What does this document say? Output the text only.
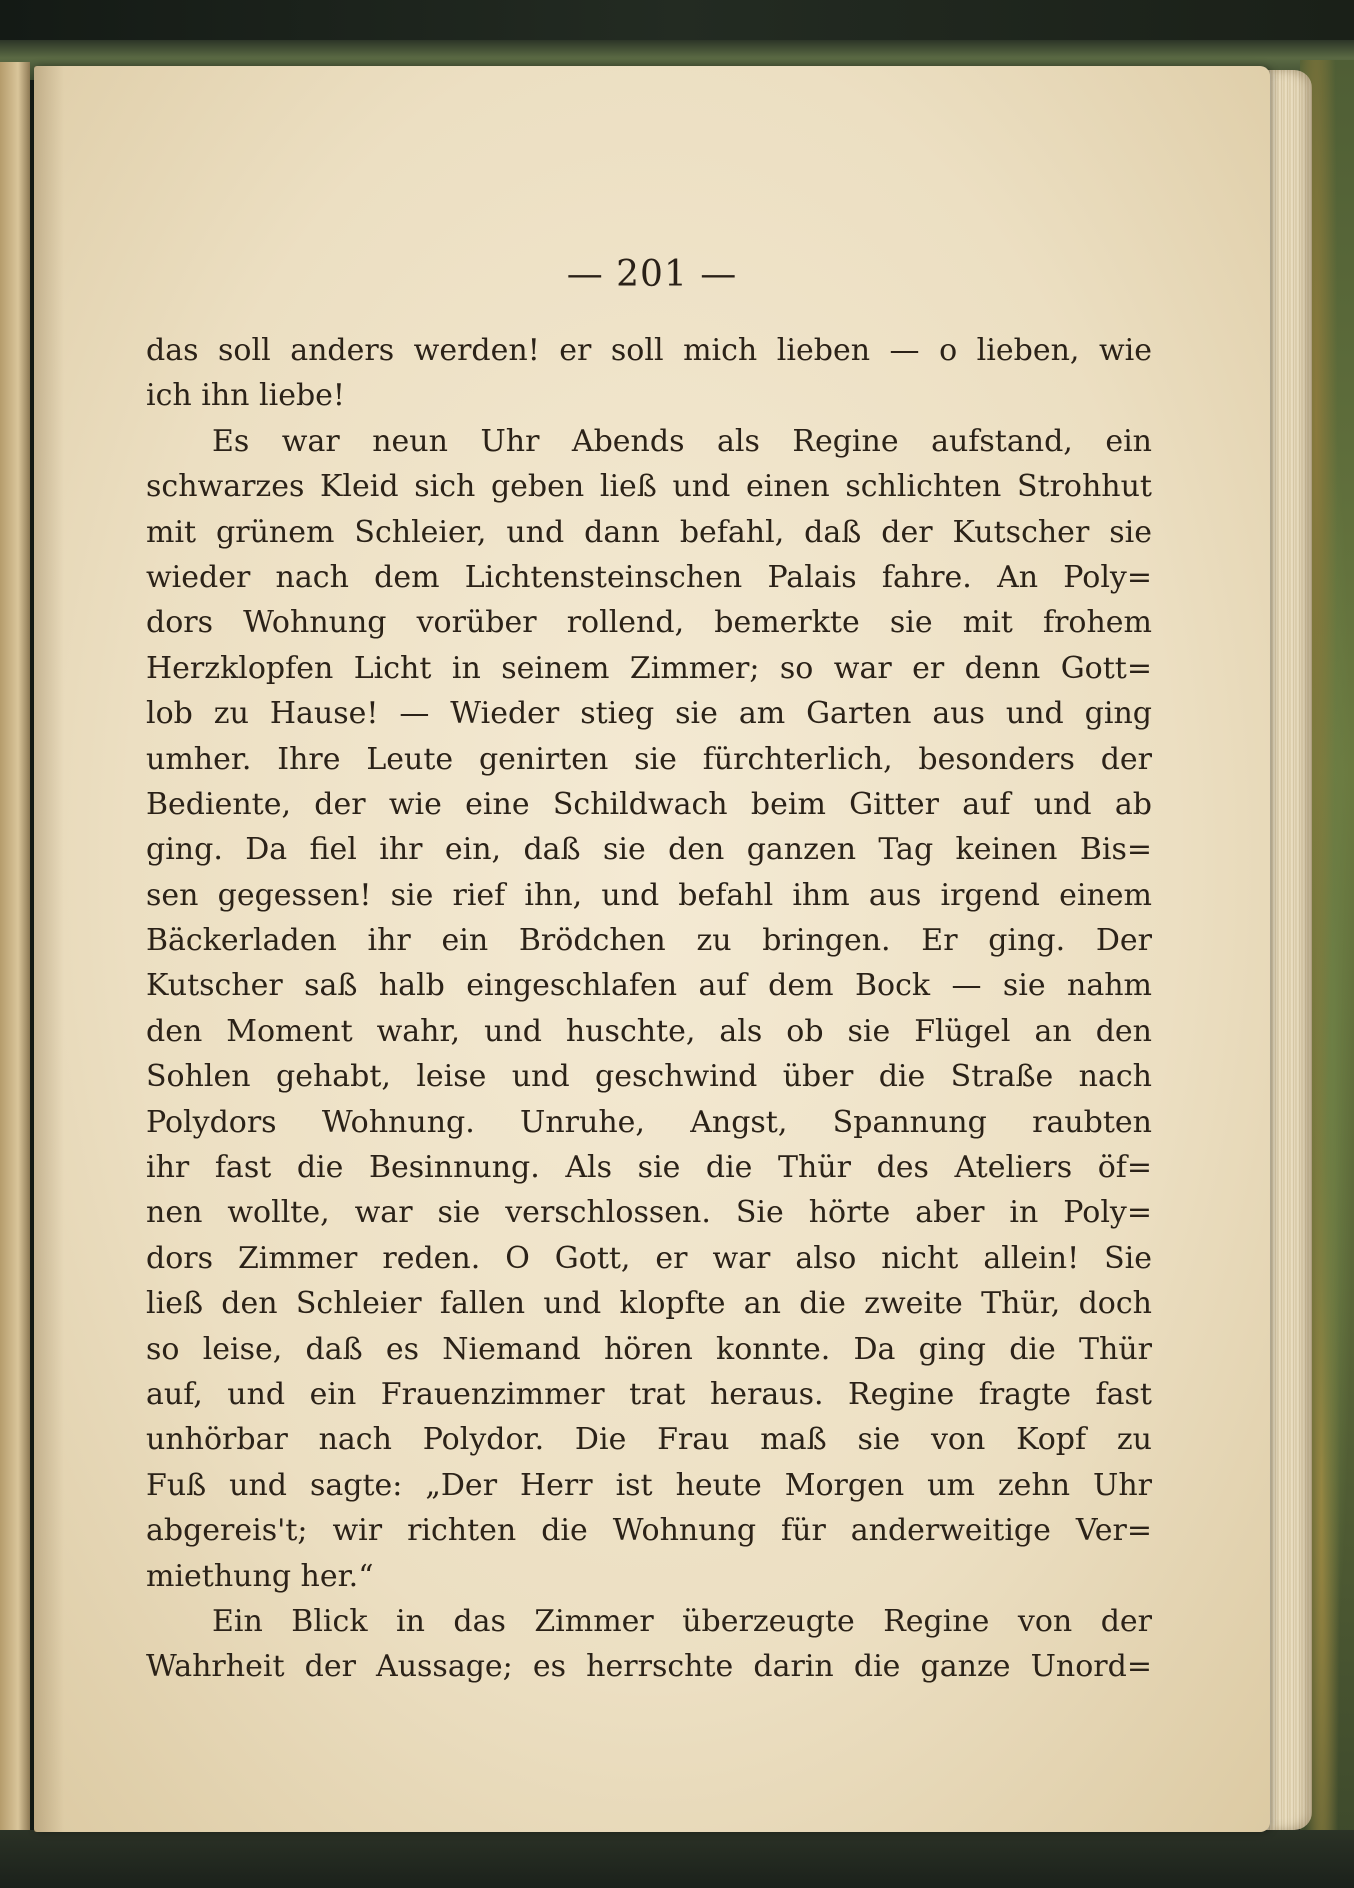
— 201 —
das soll anders werden! er soll mich lieben — o lieben, wie
ich ihn liebe!
Es war neun Uhr Abends als Regine aufstand, ein
schwarzes Kleid sich geben ließ und einen schlichten Strohhut
mit grünem Schleier, und dann befahl, daß der Kutscher sie
wieder nach dem Lichtensteinschen Palais fahre. An Poly=
dors Wohnung vorüber rollend, bemerkte sie mit frohem
Herzklopfen Licht in seinem Zimmer; so war er denn Gott=
lob zu Hause! — Wieder stieg sie am Garten aus und ging
umher. Ihre Leute genirten sie fürchterlich, besonders der
Bediente, der wie eine Schildwach beim Gitter auf und ab
ging. Da fiel ihr ein, daß sie den ganzen Tag keinen Bis=
sen gegessen! sie rief ihn, und befahl ihm aus irgend einem
Bäckerladen ihr ein Brödchen zu bringen. Er ging. Der
Kutscher saß halb eingeschlafen auf dem Bock — sie nahm
den Moment wahr, und huschte, als ob sie Flügel an den
Sohlen gehabt, leise und geschwind über die Straße nach
Polydors Wohnung. Unruhe, Angst, Spannung raubten
ihr fast die Besinnung. Als sie die Thür des Ateliers öf=
nen wollte, war sie verschlossen. Sie hörte aber in Poly=
dors Zimmer reden. O Gott, er war also nicht allein! Sie
ließ den Schleier fallen und klopfte an die zweite Thür, doch
so leise, daß es Niemand hören konnte. Da ging die Thür
auf, und ein Frauenzimmer trat heraus. Regine fragte fast
unhörbar nach Polydor. Die Frau maß sie von Kopf zu
Fuß und sagte: „Der Herr ist heute Morgen um zehn Uhr
abgereis't; wir richten die Wohnung für anderweitige Ver=
miethung her.“
Ein Blick in das Zimmer überzeugte Regine von der
Wahrheit der Aussage; es herrschte darin die ganze Unord=
